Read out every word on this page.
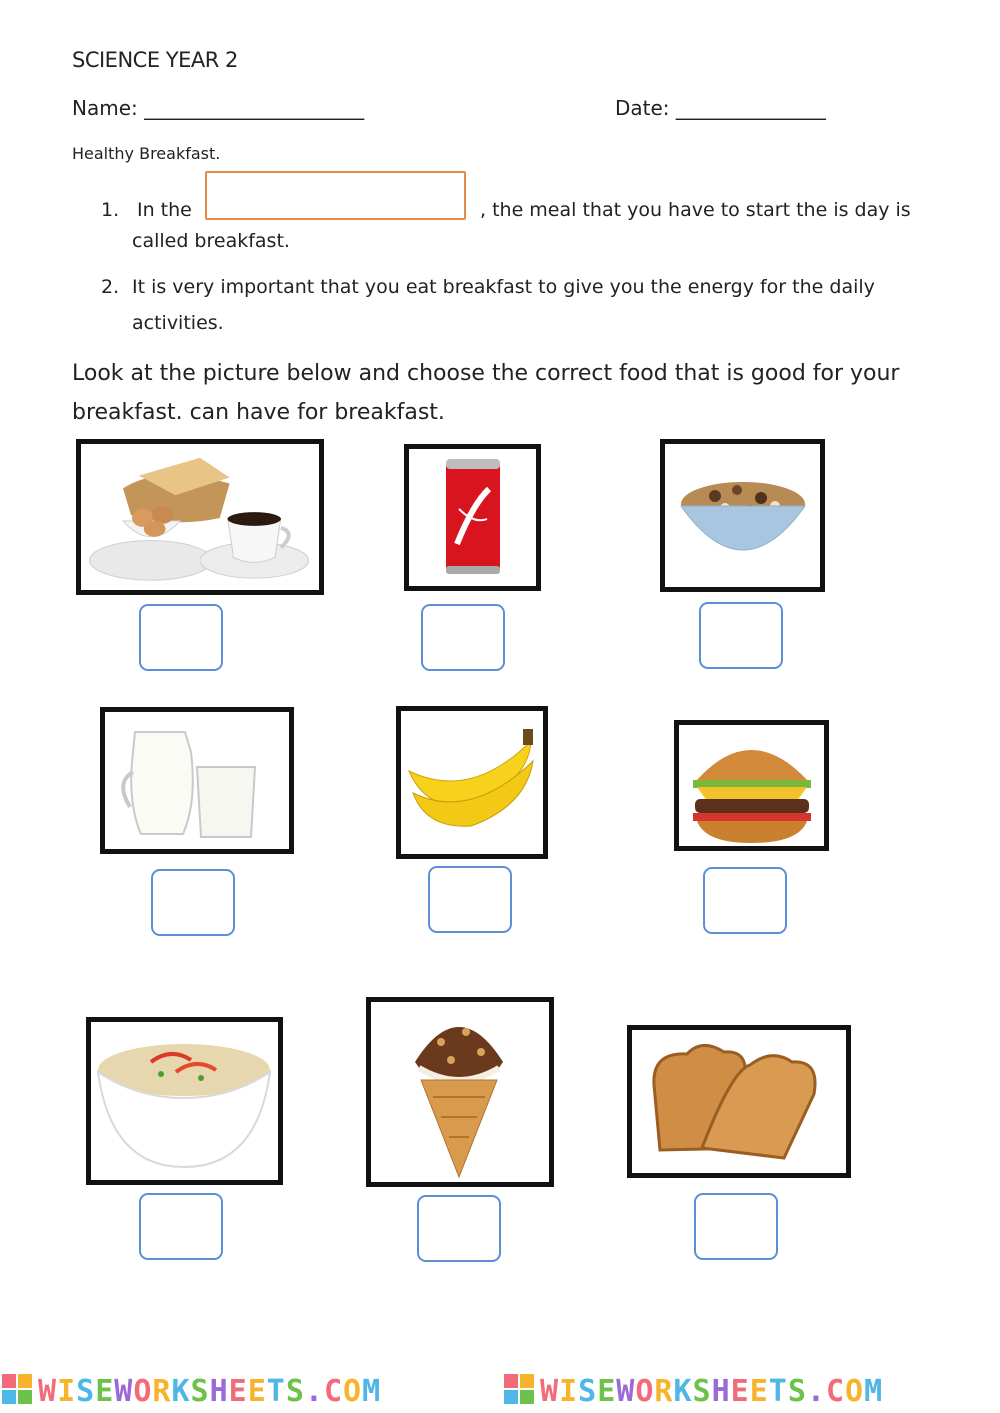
SCIENCE YEAR 2
Name: ______________________	Date: _______________
Healthy Breakfast.
1. In the	, the meal that you have to start the is day is
called breakfast.
2. It is very important that you eat breakfast to give you the energy for the daily
activities.
Look at the picture below and choose the correct food that is good for your breakfast. can have for breakfast.
WISEWORKSHEETS.COM	WISEWORKSHEETS.COM
